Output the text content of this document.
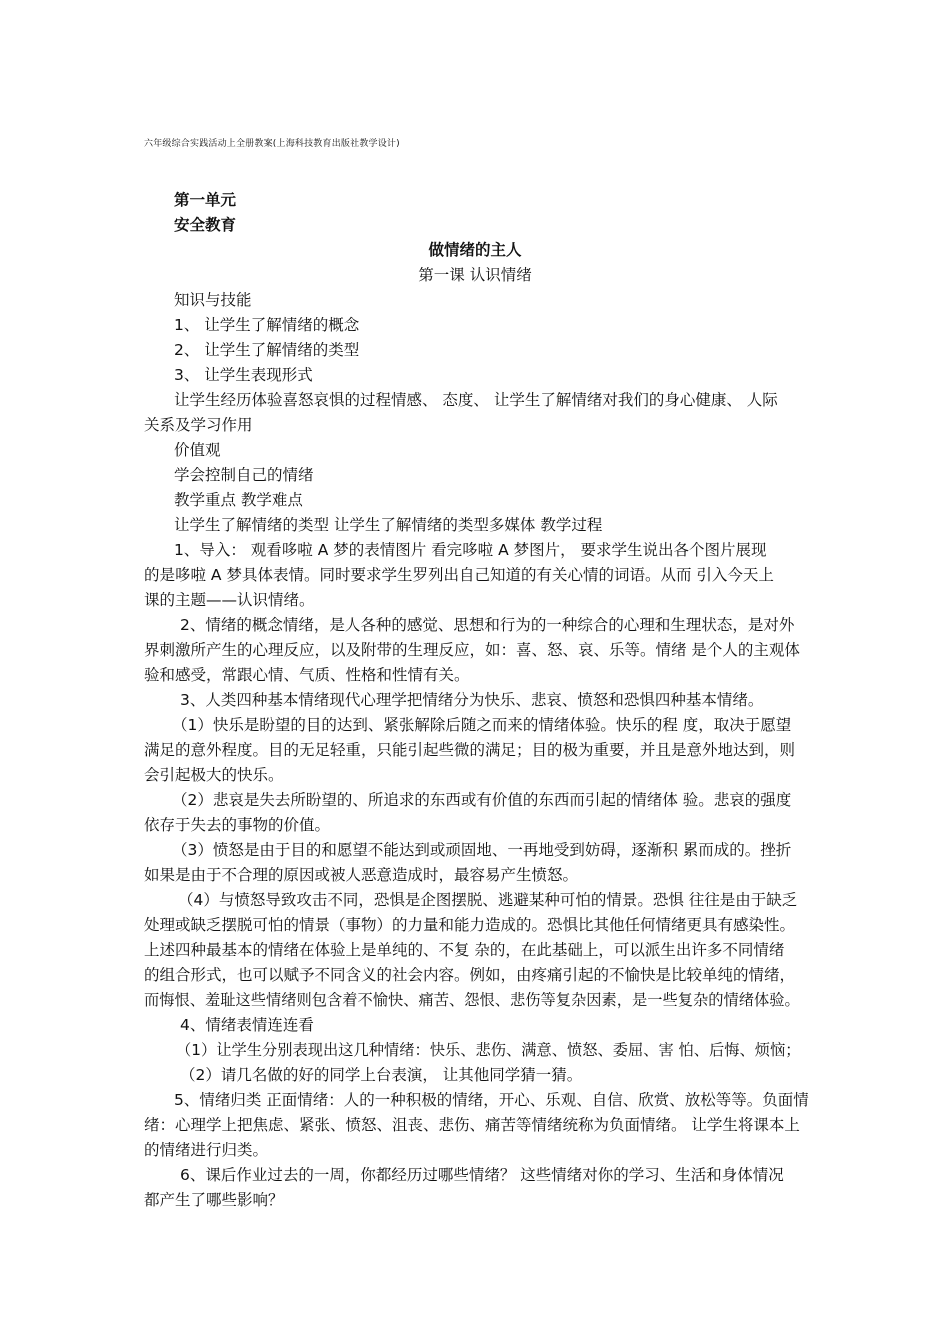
六年级综合实践活动上全册教案(上海科技教育出版社教学设计)
第一单元
安全教育
做情绪的主人
第一课 认识情绪
知识与技能
1、 让学生了解情绪的概念
2、 让学生了解情绪的类型
3、 让学生表现形式
让学生经历体验喜怒哀惧的过程情感、 态度、 让学生了解情绪对我们的身心健康、 人际
关系及学习作用
价值观
学会控制自己的情绪
教学重点 教学难点
让学生了解情绪的类型 让学生了解情绪的类型多媒体 教学过程
1、导入： 观看哆啦 A 梦的表情图片 看完哆啦 A 梦图片， 要求学生说出各个图片展现
的是哆啦 A 梦具体表情。同时要求学生罗列出自己知道的有关心情的词语。从而 引入今天上
课的主题——认识情绪。
2、情绪的概念情绪，是人各种的感觉、思想和行为的一种综合的心理和生理状态，是对外
界刺激所产生的心理反应，以及附带的生理反应，如：喜、怒、哀、乐等。情绪 是个人的主观体
验和感受，常跟心情、气质、性格和性情有关。
3、人类四种基本情绪现代心理学把情绪分为快乐、悲哀、愤怒和恐惧四种基本情绪。
（1）快乐是盼望的目的达到、紧张解除后随之而来的情绪体验。快乐的程 度，取决于愿望
满足的意外程度。目的无足轻重，只能引起些微的满足；目的极为重要，并且是意外地达到，则
会引起极大的快乐。
（2）悲哀是失去所盼望的、所追求的东西或有价值的东西而引起的情绪体 验。悲哀的强度
依存于失去的事物的价值。
（3）愤怒是由于目的和愿望不能达到或顽固地、一再地受到妨碍，逐渐积 累而成的。挫折
如果是由于不合理的原因或被人恶意造成时，最容易产生愤怒。
（4）与愤怒导致攻击不同，恐惧是企图摆脱、逃避某种可怕的情景。恐惧 往往是由于缺乏
处理或缺乏摆脱可怕的情景（事物）的力量和能力造成的。恐惧比其他任何情绪更具有感染性。
上述四种最基本的情绪在体验上是单纯的、不复 杂的，在此基础上，可以派生出许多不同情绪
的组合形式，也可以赋予不同含义的社会内容。例如，由疼痛引起的不愉快是比较单纯的情绪，
而悔恨、羞耻这些情绪则包含着不愉快、痛苦、怨恨、悲伤等复杂因素，是一些复杂的情绪体验。
4、情绪表情连连看
（1）让学生分别表现出这几种情绪：快乐、悲伤、满意、愤怒、委屈、害 怕、后悔、烦恼；
（2）请几名做的好的同学上台表演， 让其他同学猜一猜。
5、情绪归类 正面情绪：人的一种积极的情绪，开心、乐观、自信、欣赏、放松等等。负面情
绪：心理学上把焦虑、紧张、愤怒、沮丧、悲伤、痛苦等情绪统称为负面情绪。 让学生将课本上
的情绪进行归类。
6、课后作业过去的一周，你都经历过哪些情绪？ 这些情绪对你的学习、生活和身体情况
都产生了哪些影响？
